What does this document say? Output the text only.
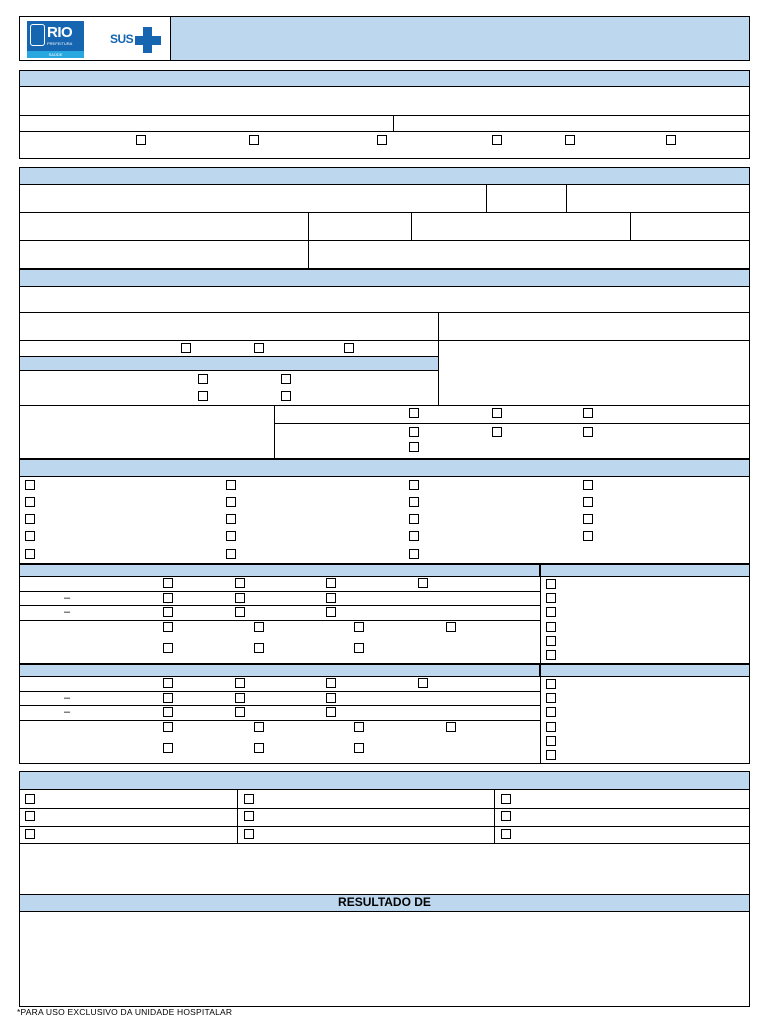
RIO
PREFEITURA
SAÚDE
SUS
–
–
–
–
RESULTADO DE
*PARA USO EXCLUSIVO DA UNIDADE HOSPITALAR
